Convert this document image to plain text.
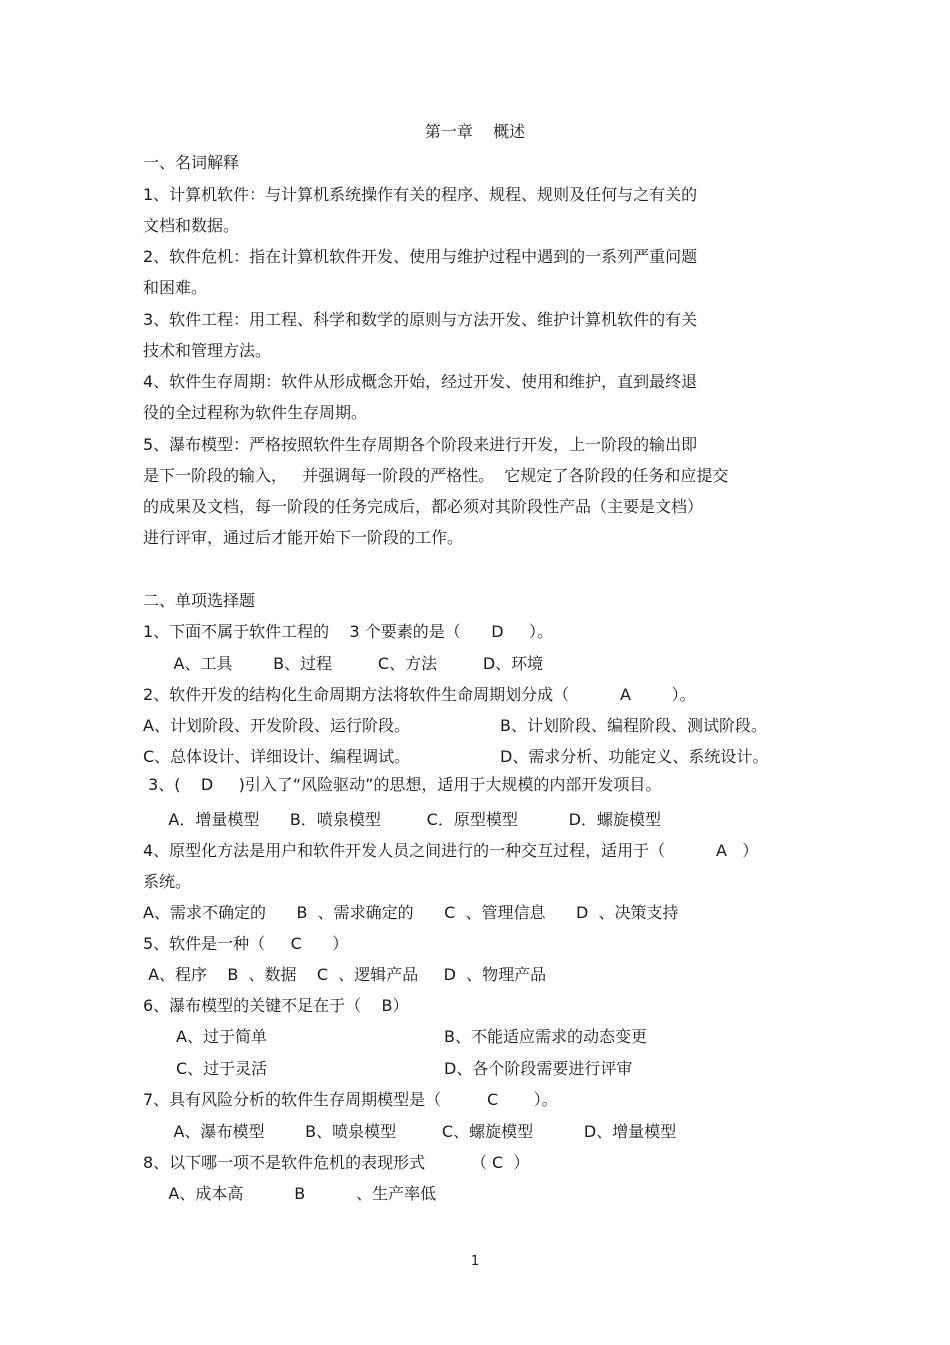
第一章    概述
一、名词解释
1、计算机软件：与计算机系统操作有关的程序、规程、规则及任何与之有关的
文档和数据。
2、软件危机：指在计算机软件开发、使用与维护过程中遇到的一系列严重问题
和困难。
3、软件工程：用工程、科学和数学的原则与方法开发、维护计算机软件的有关
技术和管理方法。
4、软件生存周期：软件从形成概念开始，经过开发、使用和维护，直到最终退
役的全过程称为软件生存周期。
5、瀑布模型：严格按照软件生存周期各个阶段来进行开发，上一阶段的输出即
是下一阶段的输入，   并强调每一阶段的严格性。  它规定了各阶段的任务和应提交
的成果及文档，每一阶段的任务完成后，都必须对其阶段性产品（主要是文档）
进行评审，通过后才能开始下一阶段的工作。
二、单项选择题
1、下面不属于软件工程的    3 个要素的是（      D     ）。
A、工具        B、过程         C、方法         D、环境
2、软件开发的结构化生命周期方法将软件生命周期划分成（          A        ）。
A、计划阶段、开发阶段、运行阶段。	B、计划阶段、编程阶段、测试阶段。
C、总体设计、详细设计、编程调试。	D、需求分析、功能定义、系统设计。
3、(    D     )引入了“风险驱动”的思想，适用于大规模的内部开发项目。
A．增量模型      B．喷泉模型         C．原型模型          D．螺旋模型
4、原型化方法是用户和软件开发人员之间进行的一种交互过程，适用于（          A   ）
系统。
A、需求不确定的      B  、需求确定的      C  、管理信息      D  、决策支持
5、软件是一种（     C      ）
A、程序    B  、数据    C  、逻辑产品     D  、物理产品
6、瀑布模型的关键不足在于（    B）
A、过于简单	B、不能适应需求的动态变更
C、过于灵活	D、各个阶段需要进行评审
7、具有风险分析的软件生存周期模型是（         C       ）。
A、瀑布模型        B、喷泉模型         C、螺旋模型          D、增量模型
8、以下哪一项不是软件危机的表现形式         （ C  ）
A、成本高          B          、生产率低
1
